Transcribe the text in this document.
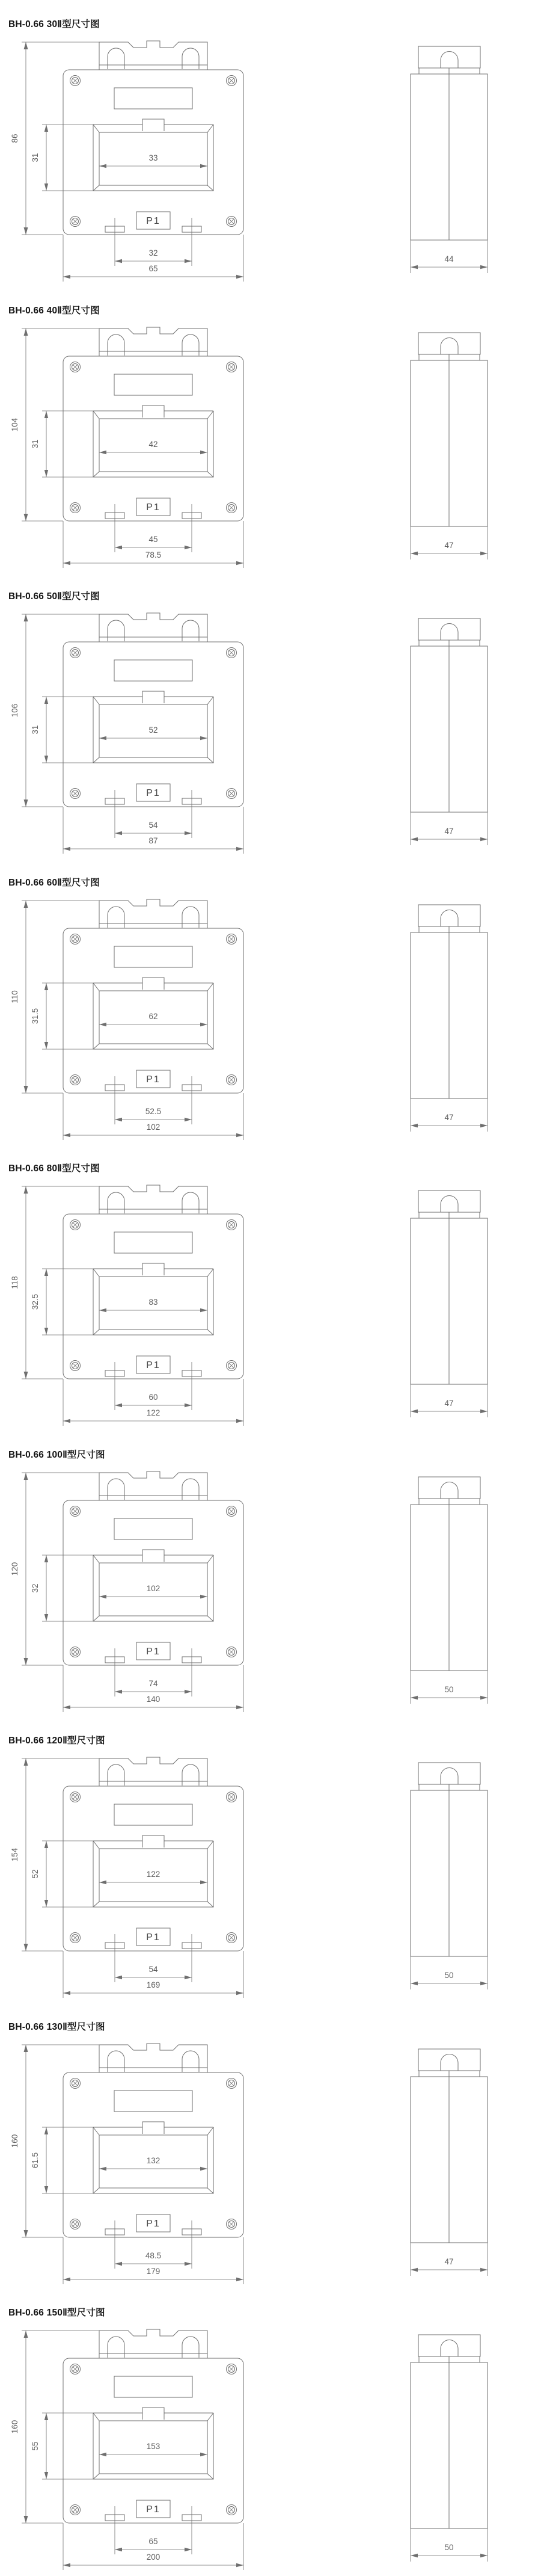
BH-0.66 30Ⅱ型尺寸图
P1
86
31	33
32
65
44
BH-0.66 40Ⅱ型尺寸图
P1
104
31	42
45
78.5
47
BH-0.66 50Ⅱ型尺寸图
P1
106
31	52
54
87
47
BH-0.66 60Ⅱ型尺寸图
P1
110
31.5	62
52.5
102
47
BH-0.66 80Ⅱ型尺寸图
P1
118
32.5	83
60
122
47
BH-0.66 100Ⅱ型尺寸图
P1
120
32	102
74
140
50
BH-0.66 120Ⅱ型尺寸图
P1
154
52	122
54
169
50
BH-0.66 130Ⅱ型尺寸图
P1
160
61.5	132
48.5
179
47
BH-0.66 150Ⅱ型尺寸图
P1
160
55	153
65
200
50
